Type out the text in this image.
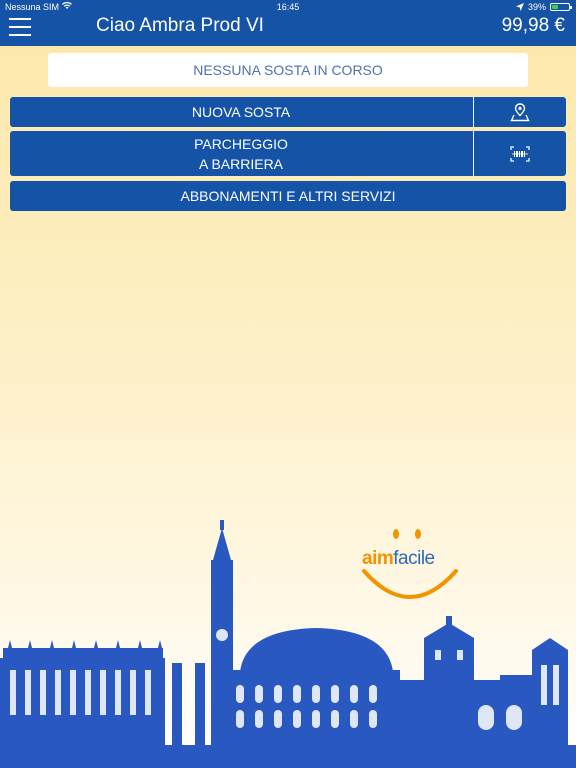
Nessuna SIM	16:45	39%
Ciao Ambra Prod VI	99,98 €
NESSUNA SOSTA IN CORSO
NUOVA SOSTA
PARCHEGGIO
A BARRIERA
ABBONAMENTI E ALTRI SERVIZI
aimfacile
